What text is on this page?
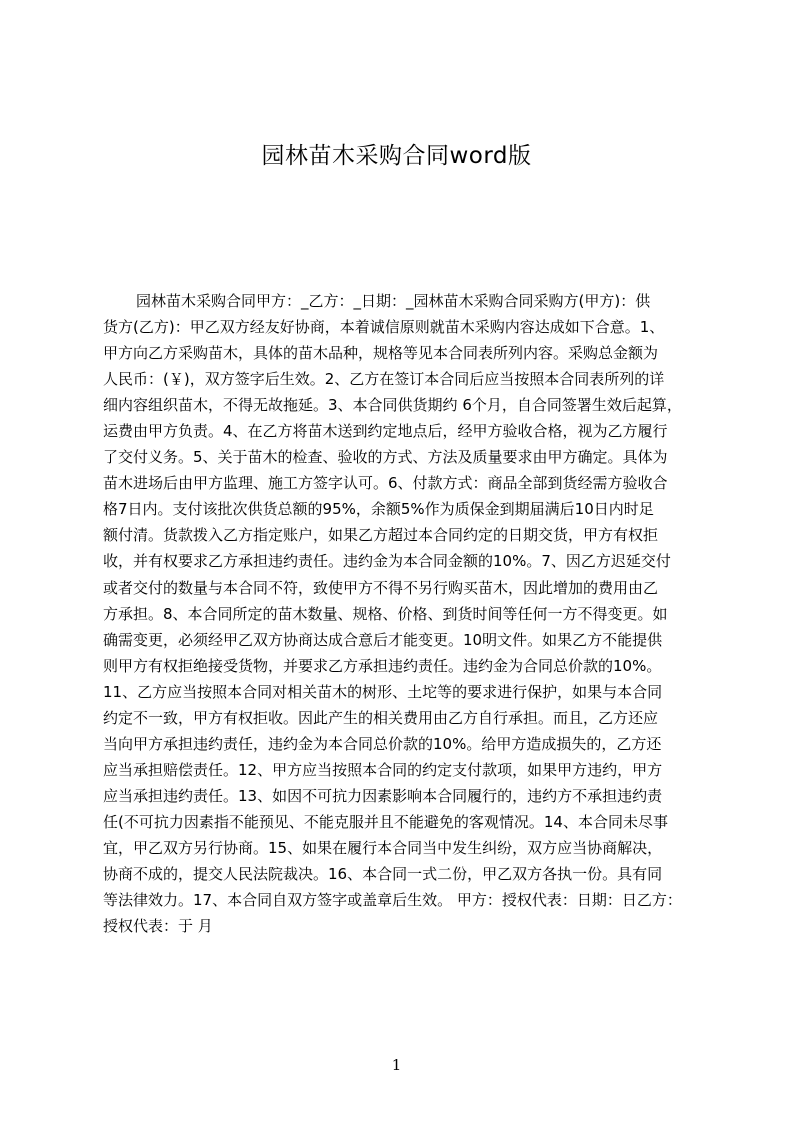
园林苗木采购合同word版
园林苗木采购合同甲方：_乙方：_日期：_园林苗木采购合同采购方(甲方)：供
货方(乙方)：甲乙双方经友好协商，本着诚信原则就苗木采购内容达成如下合意。1、
甲方向乙方采购苗木，具体的苗木品种，规格等见本合同表所列内容。采购总金额为
人民币：(￥)，双方签字后生效。2、乙方在签订本合同后应当按照本合同表所列的详
细内容组织苗木，不得无故拖延。3、本合同供货期约 6个月，自合同签署生效后起算，
运费由甲方负责。4、在乙方将苗木送到约定地点后，经甲方验收合格，视为乙方履行
了交付义务。5、关于苗木的检查、验收的方式、方法及质量要求由甲方确定。具体为
苗木进场后由甲方监理、施工方签字认可。6、付款方式：商品全部到货经需方验收合
格7日内。支付该批次供货总额的95%，余额5%作为质保金到期届满后10日内时足
额付清。货款拨入乙方指定账户，如果乙方超过本合同约定的日期交货，甲方有权拒
收，并有权要求乙方承担违约责任。违约金为本合同金额的10%。7、因乙方迟延交付
或者交付的数量与本合同不符，致使甲方不得不另行购买苗木，因此增加的费用由乙
方承担。8、本合同所定的苗木数量、规格、价格、到货时间等任何一方不得变更。如
确需变更，必须经甲乙双方协商达成合意后才能变更。10明文件。如果乙方不能提供
则甲方有权拒绝接受货物，并要求乙方承担违约责任。违约金为合同总价款的10%。
11、乙方应当按照本合同对相关苗木的树形、土坨等的要求进行保护，如果与本合同
约定不一致，甲方有权拒收。因此产生的相关费用由乙方自行承担。而且，乙方还应
当向甲方承担违约责任，违约金为本合同总价款的10%。给甲方造成损失的，乙方还
应当承担赔偿责任。12、甲方应当按照本合同的约定支付款项，如果甲方违约，甲方
应当承担违约责任。13、如因不可抗力因素影响本合同履行的，违约方不承担违约责
任(不可抗力因素指不能预见、不能克服并且不能避免的客观情况。14、本合同未尽事
宜，甲乙双方另行协商。15、如果在履行本合同当中发生纠纷，双方应当协商解决，
协商不成的，提交人民法院裁决。16、本合同一式二份，甲乙双方各执一份。具有同
等法律效力。17、本合同自双方签字或盖章后生效。 甲方：授权代表：日期：日乙方：
授权代表：于 月
1
